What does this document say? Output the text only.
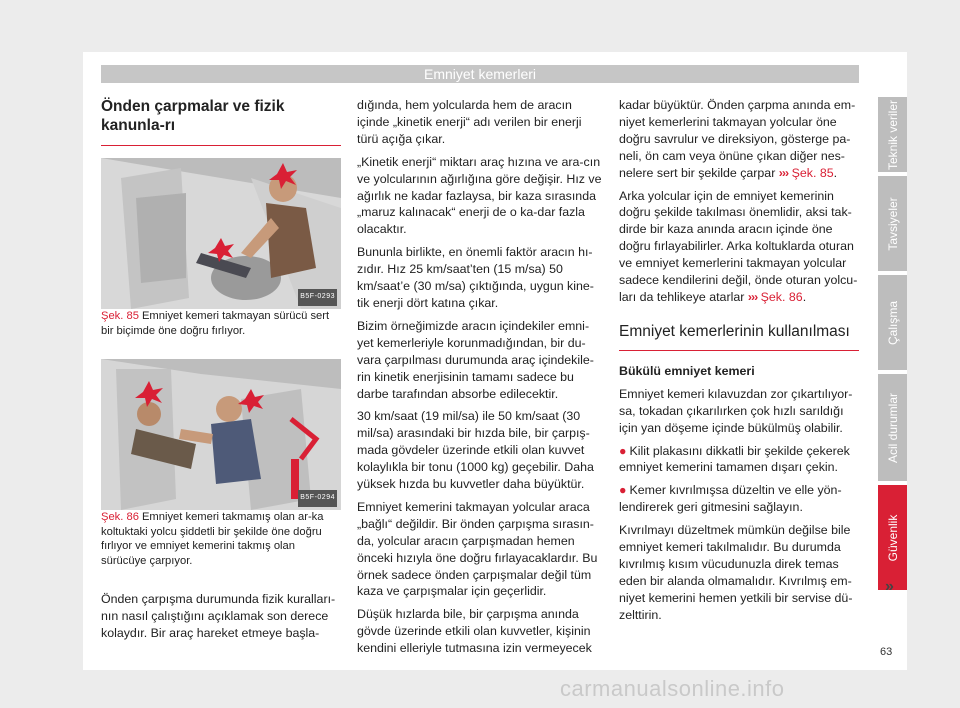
Emniyet kemerleri
Önden çarpmalar ve fizik kanunla-rı
B5F-0293

Şek. 85 Emniyet kemeri takmayan sürücü sert bir biçimde öne doğru fırlıyor.

B5F-0294

Şek. 86 Emniyet kemeri takmamış olan ar-ka koltuktaki yolcu şiddetli bir şekilde öne doğru fırlıyor ve emniyet kemerini takmış olan sürücüye çarpıyor.

Önden çarpışma durumunda fizik kuralları-nın nasıl çalıştığını açıklamak son derece kolaydır. Bir araç hareket etmeye başla-

dığında, hem yolcularda hem de aracın içinde „kinetik enerji“ adı verilen bir enerji türü açığa çıkar.

„Kinetik enerji“ miktarı araç hızına ve ara-cın ve yolcularının ağırlığına göre değişir. Hız ve ağırlık ne kadar fazlaysa, bir kaza sırasında „maruz kalınacak“ enerji de o ka-dar fazla olacaktır.

Bununla birlikte, en önemli faktör aracın hı-zıdır. Hız 25 km/saat’ten (15 m/sa) 50 km/saat’e (30 m/sa) çıktığında, uygun kine-tik enerji dört katına çıkar.

Bizim örneğimizde aracın içindekiler emni-yet kemerleriyle korunmadığından, bir du-vara çarpılması durumunda araç içindekile-rin kinetik enerjisinin tamamı sadece bu darbe tarafından absorbe edilecektir.

30 km/saat (19 mil/sa) ile 50 km/saat (30 mil/sa) arasındaki bir hızda bile, bir çarpış-mada gövdeler üzerinde etkili olan kuvvet kolaylıkla bir tonu (1000 kg) geçebilir. Daha yüksek hızda bu kuvvetler daha büyüktür.

Emniyet kemerini takmayan yolcular araca „bağlı“ değildir. Bir önden çarpışma sırasın-da, yolcular aracın çarpışmadan hemen önceki hızıyla öne doğru fırlayacaklardır. Bu örnek sadece önden çarpışmalar değil tüm kaza ve çarpışmalar için geçerlidir.

Düşük hızlarda bile, bir çarpışma anında gövde üzerinde etkili olan kuvvetler, kişinin kendini elleriyle tutmasına izin vermeyecek

kadar büyüktür. Önden çarpma anında em-niyet kemerlerini takmayan yolcular öne doğru savrulur ve direksiyon, gösterge pa-neli, ön cam veya önüne çıkan diğer nes-nelere sert bir şekilde çarpar ››› Şek. 85.

Arka yolcular için de emniyet kemerinin doğru şekilde takılması önemlidir, aksi tak-dirde bir kaza anında aracın içinde öne doğru fırlayabilirler. Arka koltuklarda oturan ve emniyet kemerlerini takmayan yolcular sadece kendilerini değil, önde oturan yolcu-ları da tehlikeye atarlar ››› Şek. 86.

Emniyet kemerlerinin kullanılması

Bükülü emniyet kemeri

Emniyet kemeri kılavuzdan zor çıkartılıyor-sa, tokadan çıkarılırken çok hızlı sarıldığı için yan döşeme içinde bükülmüş olabilir.

● Kilit plakasını dikkatli bir şekilde çekerek emniyet kemerini tamamen dışarı çekin.

● Kemer kıvrılmışsa düzeltin ve elle yön-lendirerek geri gitmesini sağlayın.

Kıvrılmayı düzeltmek mümkün değilse bile emniyet kemeri takılmalıdır. Bu durumda kıvrılmış kısım vücudunuzla direk temas eden bir alanda olmamalıdır. Kıvrılmış em-niyet kemerini hemen yetkili bir servise dü-zelttirin.

Teknik veriler
Tavsiyeler
Çalışma
Acil durumlar
Güvenlik
»
63
carmanualsonline.info
